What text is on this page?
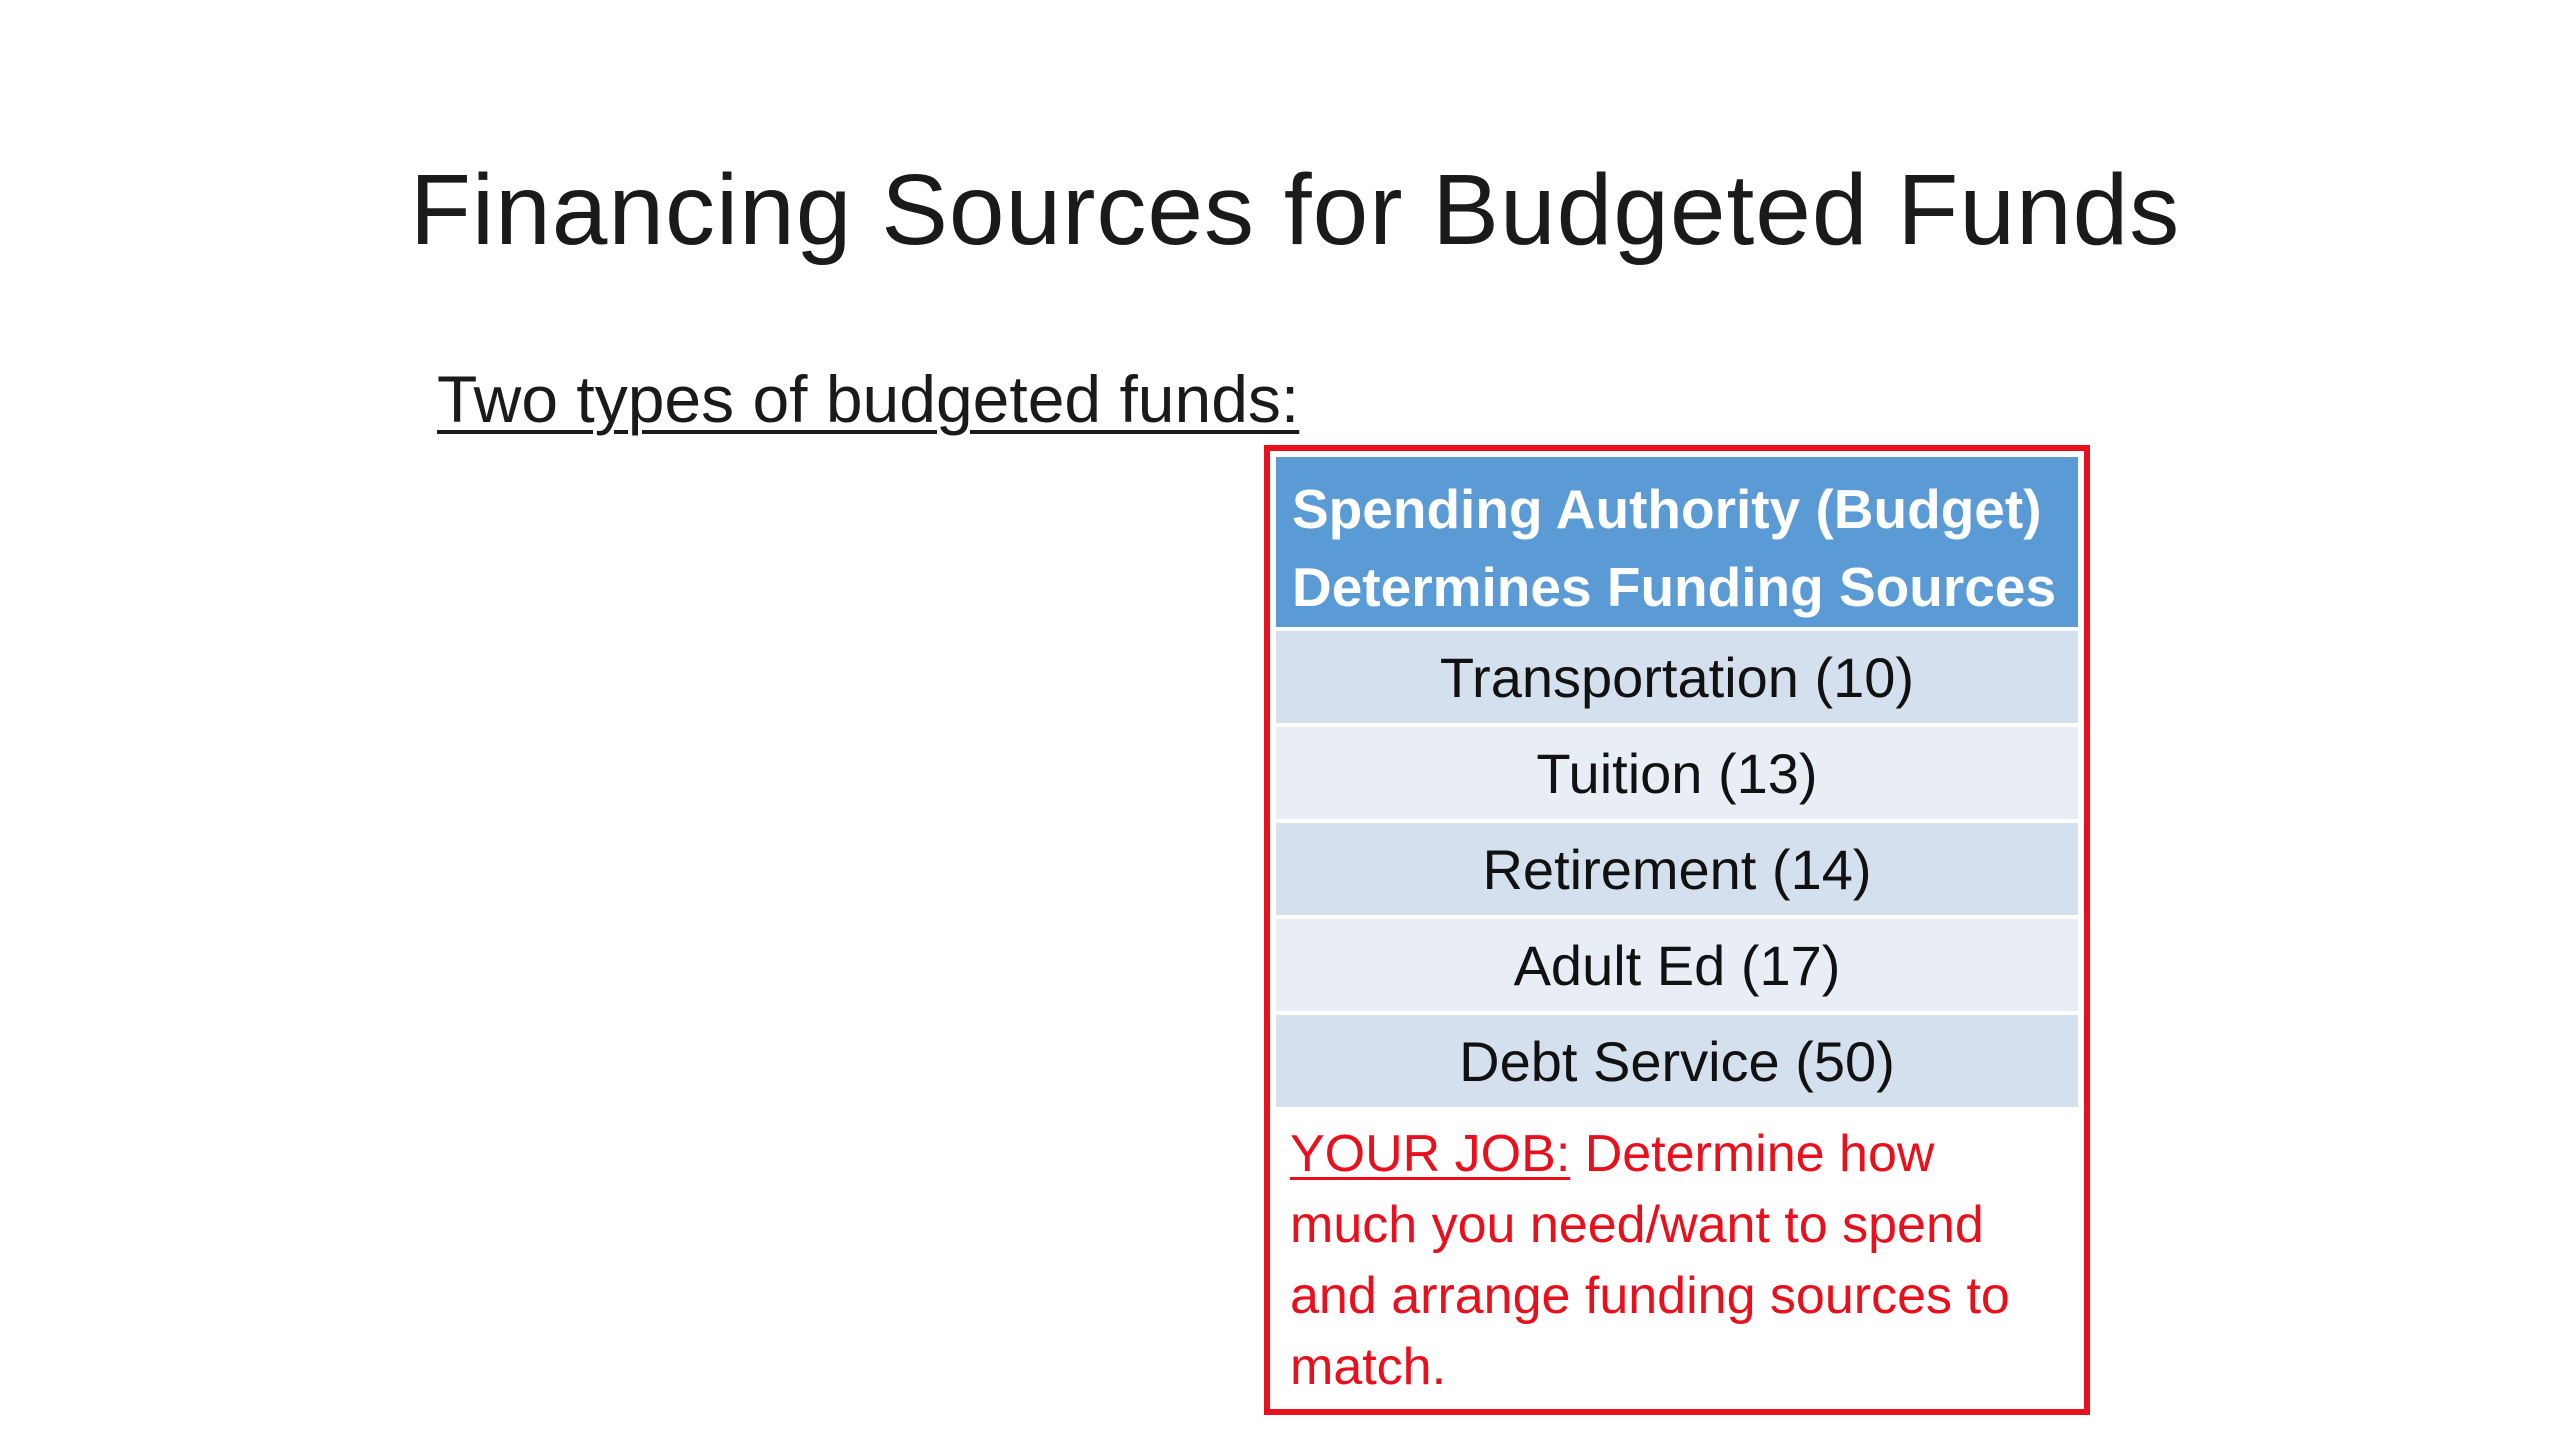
Financing Sources for Budgeted Funds

Two types of budgeted funds:

Spending Authority (Budget)
Determines Funding Sources
Transportation (10)
Tuition (13)
Retirement (14)
Adult Ed (17)
Debt Service (50)
YOUR JOB: Determine how much you need/want to spend and arrange funding sources to match.
